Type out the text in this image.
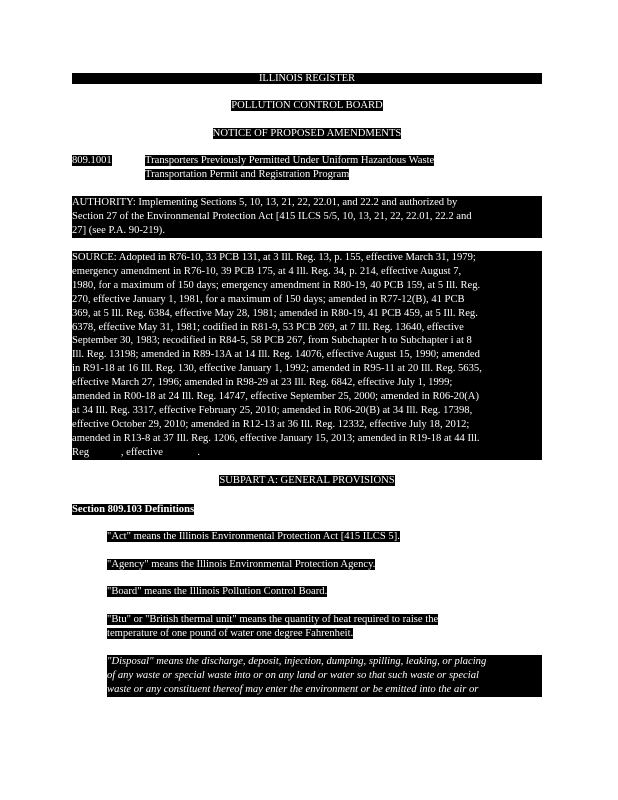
ILLINOIS REGISTER
POLLUTION CONTROL BOARD
NOTICE OF PROPOSED AMENDMENTS
809.1001	Transporters Previously Permitted Under Uniform Hazardous Waste
Transportation Permit and Registration Program
AUTHORITY: Implementing Sections 5, 10, 13, 21, 22, 22.01, and 22.2 and authorized by
Section 27 of the Environmental Protection Act [415 ILCS 5/5, 10, 13, 21, 22, 22.01, 22.2 and
27] (see P.A. 90-219).
SOURCE: Adopted in R76-10, 33 PCB 131, at 3 Ill. Reg. 13, p. 155, effective March 31, 1979;
emergency amendment in R76-10, 39 PCB 175, at 4 Ill. Reg. 34, p. 214, effective August 7,
1980, for a maximum of 150 days; emergency amendment in R80-19, 40 PCB 159, at 5 Ill. Reg.
270, effective January 1, 1981, for a maximum of 150 days; amended in R77-12(B), 41 PCB
369, at 5 Ill. Reg. 6384, effective May 28, 1981; amended in R80-19, 41 PCB 459, at 5 Ill. Reg.
6378, effective May 31, 1981; codified in R81-9, 53 PCB 269, at 7 Ill. Reg. 13640, effective
September 30, 1983; recodified in R84-5, 58 PCB 267, from Subchapter h to Subchapter i at 8
Ill. Reg. 13198; amended in R89-13A at 14 Ill. Reg. 14076, effective August 15, 1990; amended
in R91-18 at 16 Ill. Reg. 130, effective January 1, 1992; amended in R95-11 at 20 Ill. Reg. 5635,
effective March 27, 1996; amended in R98-29 at 23 Ill. Reg. 6842, effective July 1, 1999;
amended in R00-18 at 24 Ill. Reg. 14747, effective September 25, 2000; amended in R06-20(A)
at 34 Ill. Reg. 3317, effective February 25, 2010; amended in R06-20(B) at 34 Ill. Reg. 17398,
effective October 29, 2010; amended in R12-13 at 36 Ill. Reg. 12332, effective July 18, 2012;
amended in R13-8 at 37 Ill. Reg. 1206, effective January 15, 2013; amended in R19-18 at 44 Ill.
Reg            , effective             .
SUBPART A: GENERAL PROVISIONS
Section 809.103 Definitions
"Act" means the Illinois Environmental Protection Act [415 ILCS 5].
"Agency" means the Illinois Environmental Protection Agency.
"Board" means the Illinois Pollution Control Board.
"Btu" or "British thermal unit" means the quantity of heat required to raise the
temperature of one pound of water one degree Fahrenheit.
"Disposal" means the discharge, deposit, injection, dumping, spilling, leaking, or placing
of any waste or special waste into or on any land or water so that such waste or special
waste or any constituent thereof may enter the environment or be emitted into the air or
